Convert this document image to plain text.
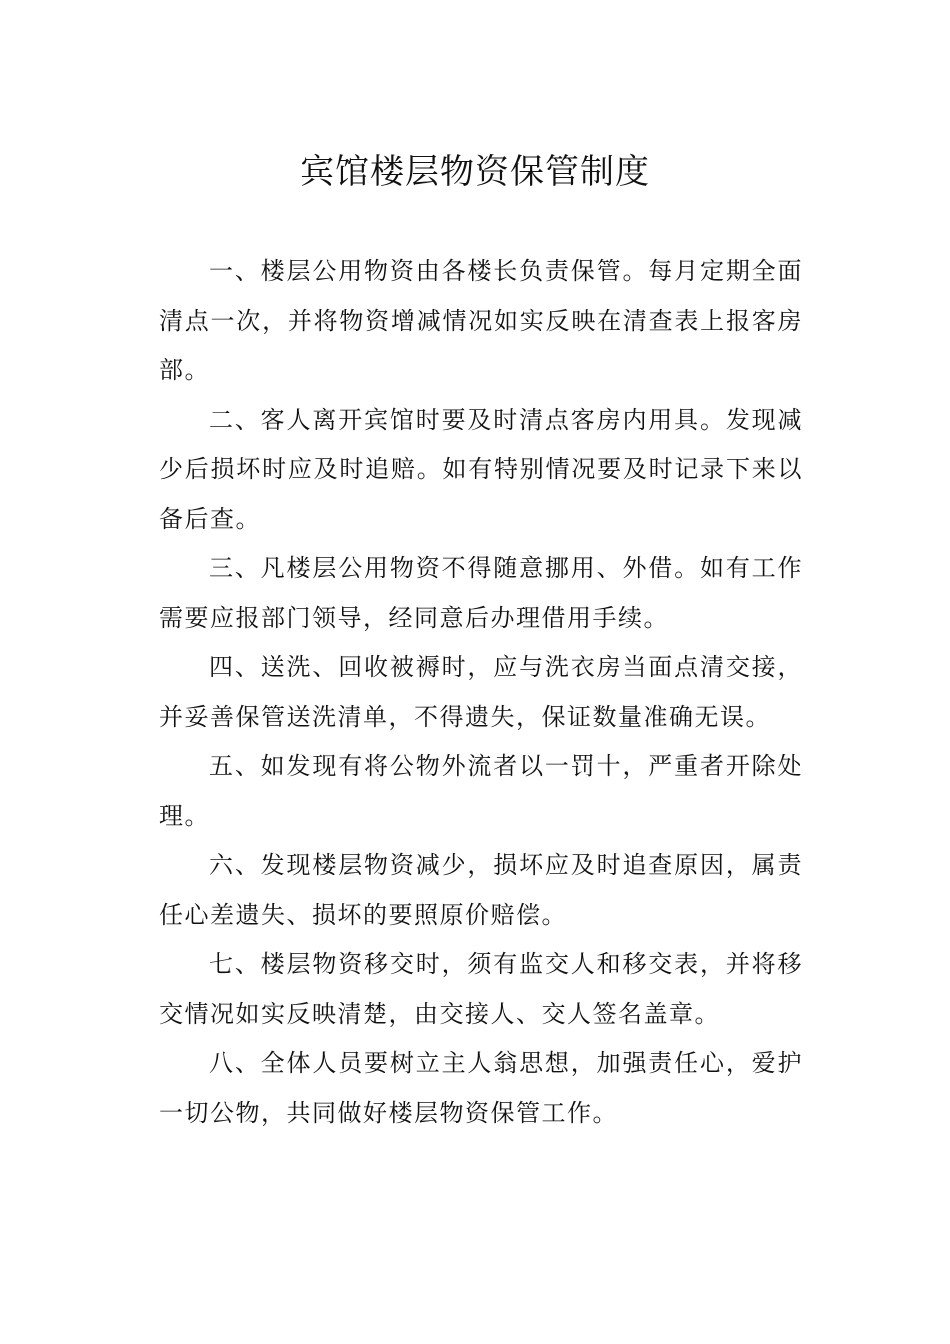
宾馆楼层物资保管制度

一、楼层公用物资由各楼长负责保管。每月定期全面清点一次，并将物资增减情况如实反映在清查表上报客房部。

二、客人离开宾馆时要及时清点客房内用具。发现减少后损坏时应及时追赔。如有特别情况要及时记录下来以备后查。

三、凡楼层公用物资不得随意挪用、外借。如有工作需要应报部门领导，经同意后办理借用手续。

四、送洗、回收被褥时，应与洗衣房当面点清交接，并妥善保管送洗清单，不得遗失，保证数量准确无误。

五、如发现有将公物外流者以一罚十，严重者开除处理。

六、发现楼层物资减少，损坏应及时追查原因，属责任心差遗失、损坏的要照原价赔偿。

七、楼层物资移交时，须有监交人和移交表，并将移交情况如实反映清楚，由交接人、交人签名盖章。

八、全体人员要树立主人翁思想，加强责任心，爱护一切公物，共同做好楼层物资保管工作。
